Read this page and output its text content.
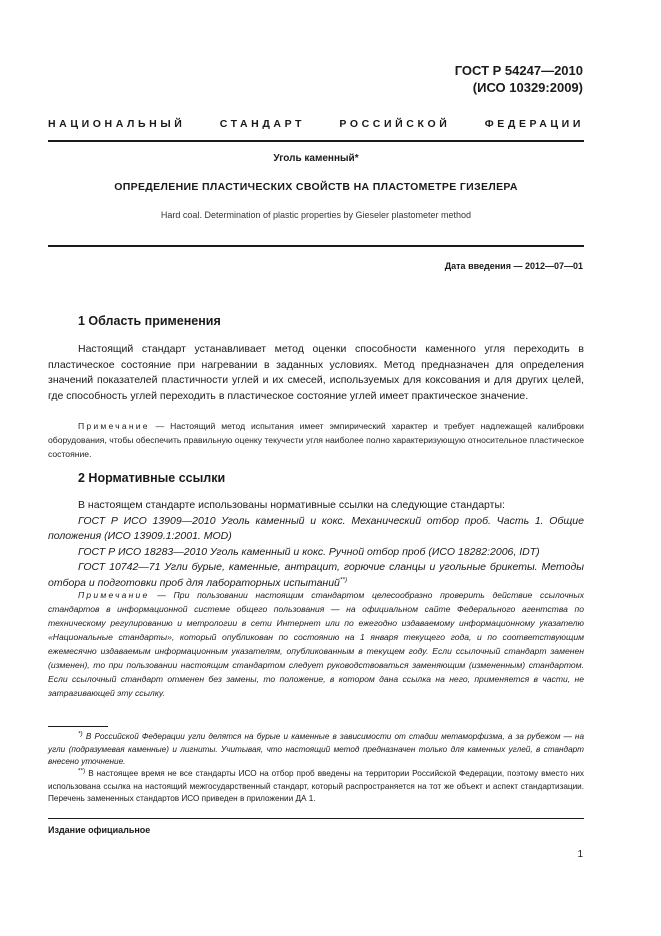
ГОСТ Р 54247—2010
(ИСО 10329:2009)
НАЦИОНАЛЬНЫЙ	СТАНДАРТ	РОССИЙСКОЙ	ФЕДЕРАЦИИ
Уголь каменный*
ОПРЕДЕЛЕНИЕ ПЛАСТИЧЕСКИХ СВОЙСТВ НА ПЛАСТОМЕТРЕ ГИЗЕЛЕРА
Hard coal. Determination of plastic properties by Gieseler plastometer method
Дата введения — 2012—07—01
1 Область применения

Настоящий стандарт устанавливает метод оценки способности каменного угля переходить в пластическое состояние при нагревании в заданных условиях. Метод предназначен для определения значений показателей пластичности углей и их смесей, используемых для коксования и для других целей, где способность углей переходить в пластическое состояние углей имеет практическое значение.

Примечание — Настоящий метод испытания имеет эмпирический характер и требует надлежащей калибровки оборудования, чтобы обеспечить правильную оценку текучести угля наиболее полно характеризующую относительное пластическое состояние.

2 Нормативные ссылки

В настоящем стандарте использованы нормативные ссылки на следующие стандарты:

ГОСТ Р ИСО 13909—2010 Уголь каменный и кокс. Механический отбор проб. Часть 1. Общие положения (ИСО 13909.1:2001. MOD)

ГОСТ Р ИСО 18283—2010 Уголь каменный и кокс. Ручной отбор проб (ИСО 18282:2006, IDT)

ГОСТ 10742—71 Угли бурые, каменные, антрацит, горючие сланцы и угольные брикеты. Методы отбора и подготовки проб для лабораторных испытаний**)

Примечание — При пользовании настоящим стандартом целесообразно проверить действие ссылочных стандартов в информационной системе общего пользования — на официальном сайте Федерального агентства по техническому регулированию и метрологии в сети Интернет или по ежегодно издаваемому информационному указателю «Национальные стандарты», который опубликован по состоянию на 1 января текущего года, и по соответствующим ежемесячно издаваемым информационным указателям, опубликованным в текущем году. Если ссылочный стандарт заменен (изменен), то при пользовании настоящим стандартом следует руководствоваться заменяющим (измененным) стандартом. Если ссылочный стандарт отменен без замены, то положение, в котором дана ссылка на него, применяется в части, не затрагивающей эту ссылку.

*) В Российской Федерации угли делятся на бурые и каменные в зависимости от стадии метаморфизма, а за рубежом — на угли (подразумевая каменные) и лигниты. Учитывая, что настоящий метод предназначен только для каменных углей, в стандарт внесено уточнение.

**) В настоящее время не все стандарты ИСО на отбор проб введены на территории Российской Федерации, поэтому вместо них использована ссылка на настоящий межгосударственный стандарт, который распространяется на тот же объект и аспект стандартизации. Перечень замененных стандартов ИСО приведен в приложении ДА 1.

Издание официальное
1
